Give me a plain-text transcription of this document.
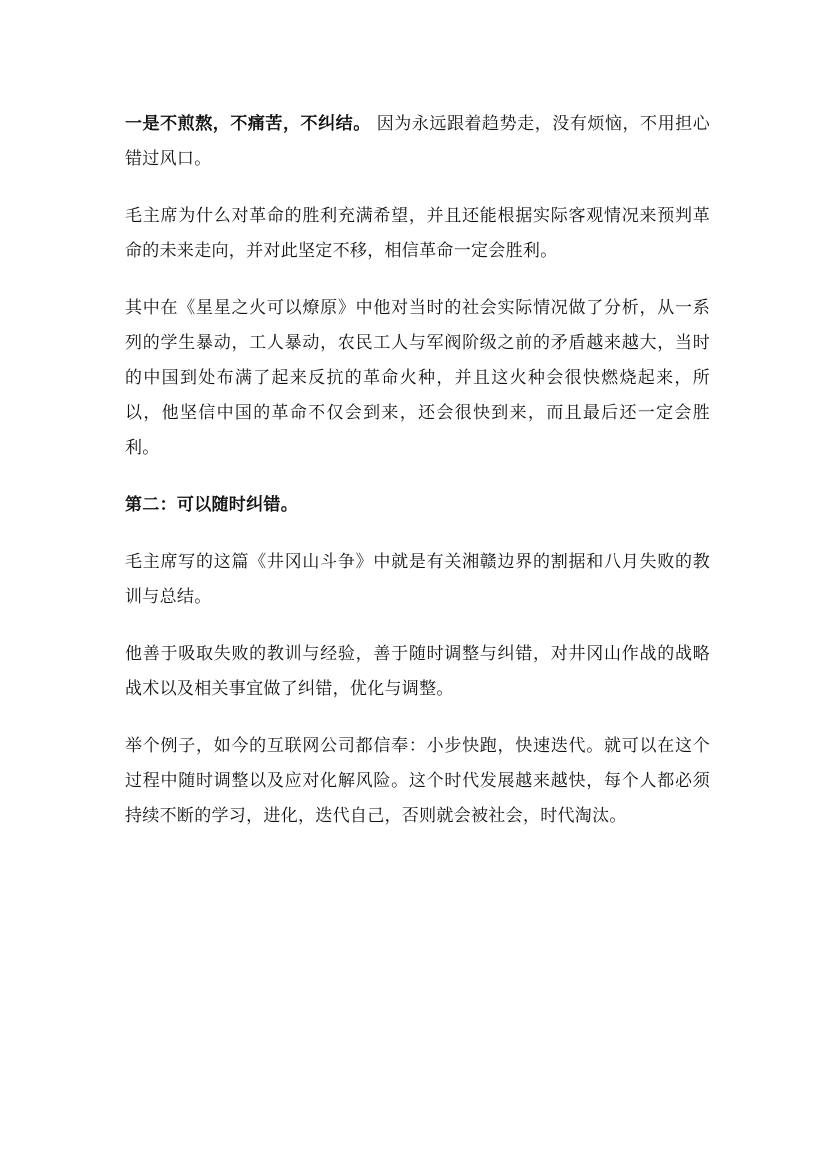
一是不煎熬，不痛苦，不纠结。 因为永远跟着趋势走，没有烦恼，不用担心错过风口。

毛主席为什么对革命的胜利充满希望，并且还能根据实际客观情况来预判革命的未来走向，并对此坚定不移，相信革命一定会胜利。

其中在《星星之火可以燎原》中他对当时的社会实际情况做了分析，从一系列的学生暴动，工人暴动，农民工人与军阀阶级之前的矛盾越来越大，当时的中国到处布满了起来反抗的革命火种，并且这火种会很快燃烧起来，所以，他坚信中国的革命不仅会到来，还会很快到来，而且最后还一定会胜利。

第二：可以随时纠错。

毛主席写的这篇《井冈山斗争》中就是有关湘赣边界的割据和八月失败的教训与总结。

他善于吸取失败的教训与经验，善于随时调整与纠错，对井冈山作战的战略战术以及相关事宜做了纠错，优化与调整。

举个例子，如今的互联网公司都信奉：小步快跑，快速迭代。就可以在这个过程中随时调整以及应对化解风险。这个时代发展越来越快，每个人都必须持续不断的学习，进化，迭代自己，否则就会被社会，时代淘汰。
